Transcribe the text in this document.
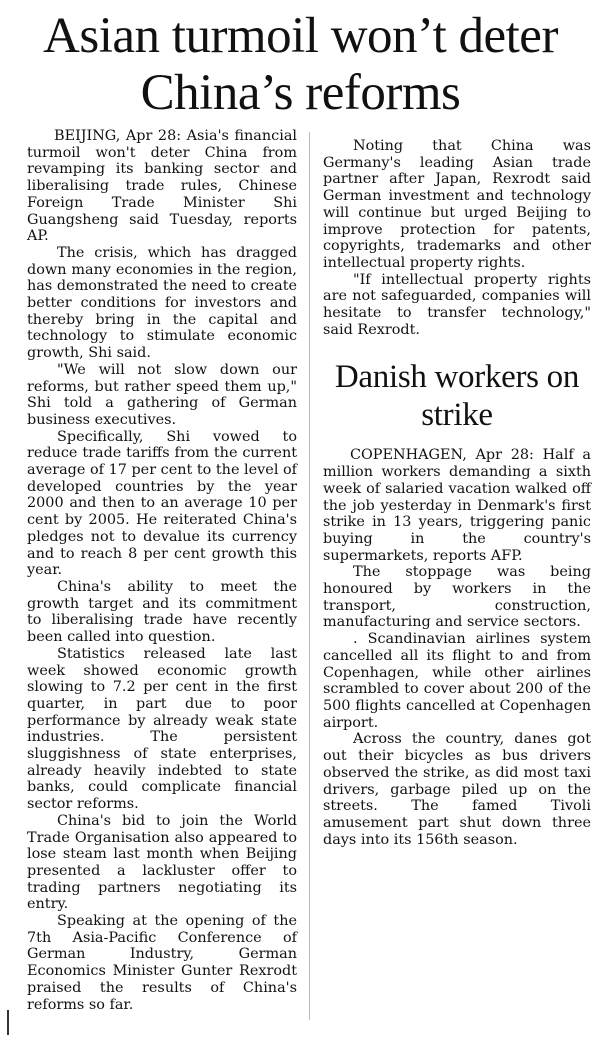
Asian turmoil won’t deter China’s reforms

BEIJING, Apr 28: Asia's financial turmoil won't deter China from revamping its banking sector and liberalising trade rules, Chinese Foreign Trade Minister Shi Guangsheng said Tuesday, reports AP.

The crisis, which has dragged down many economies in the region, has demonstrated the need to create better conditions for investors and thereby bring in the capital and technology to stimulate economic growth, Shi said.

"We will not slow down our reforms, but rather speed them up," Shi told a gathering of German business executives.

Specifically, Shi vowed to reduce trade tariffs from the current average of 17 per cent to the level of developed countries by the year 2000 and then to an average 10 per cent by 2005. He reiterated China's pledges not to devalue its currency and to reach 8 per cent growth this year.

China's ability to meet the growth target and its commitment to liberalising trade have recently been called into question.

Statistics released late last week showed economic growth slowing to 7.2 per cent in the first quarter, in part due to poor performance by already weak state industries. The persistent sluggishness of state enterprises, already heavily indebted to state banks, could complicate financial sector reforms.

China's bid to join the World Trade Organisation also appeared to lose steam last month when Beijing presented a lackluster offer to trading partners negotiating its entry.

Speaking at the opening of the 7th Asia-Pacific Conference of German Industry, German Economics Minister Gunter Rexrodt praised the results of China's reforms so far.

Noting that China was Germany's leading Asian trade partner after Japan, Rexrodt said German investment and technology will continue but urged Beijing to improve protection for patents, copyrights, trademarks and other intellectual property rights.

"If intellectual property rights are not safeguarded, companies will hesitate to transfer technology," said Rexrodt.

Danish workers on strike

COPENHAGEN, Apr 28: Half a million workers demanding a sixth week of salaried vacation walked off the job yesterday in Denmark's first strike in 13 years, triggering panic buying in the country's supermarkets, reports AFP.

The stoppage was being honoured by workers in the transport, construction, manufacturing and service sectors.

. Scandinavian airlines system cancelled all its flight to and from Copenhagen, while other airlines scrambled to cover about 200 of the 500 flights cancelled at Copenhagen airport.

Across the country, danes got out their bicycles as bus drivers observed the strike, as did most taxi drivers, garbage piled up on the streets. The famed Tivoli amusement part shut down three days into its 156th season.
